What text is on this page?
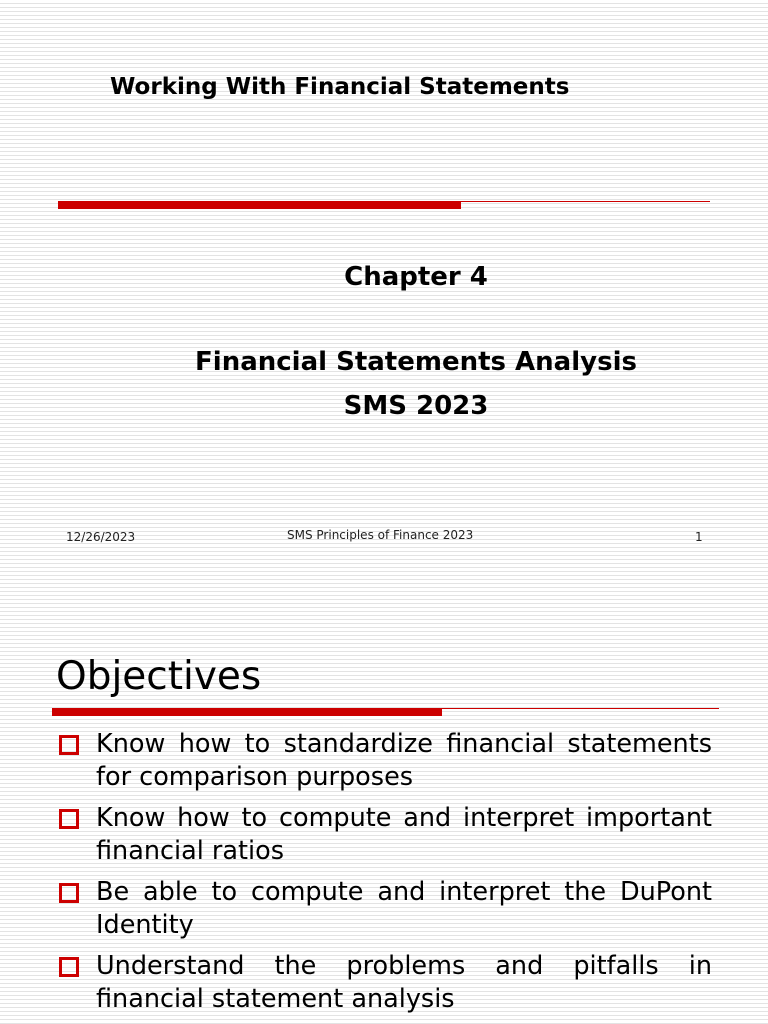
Working With Financial Statements
Chapter 4
Financial Statements Analysis
SMS 2023
12/26/2023	SMS Principles of Finance 2023	1
Objectives
Know how to standardize financial statements for comparison purposes
Know how to compute and interpret important financial ratios
Be able to compute and interpret the DuPont Identity
Understand the problems and pitfalls in financial statement analysis
